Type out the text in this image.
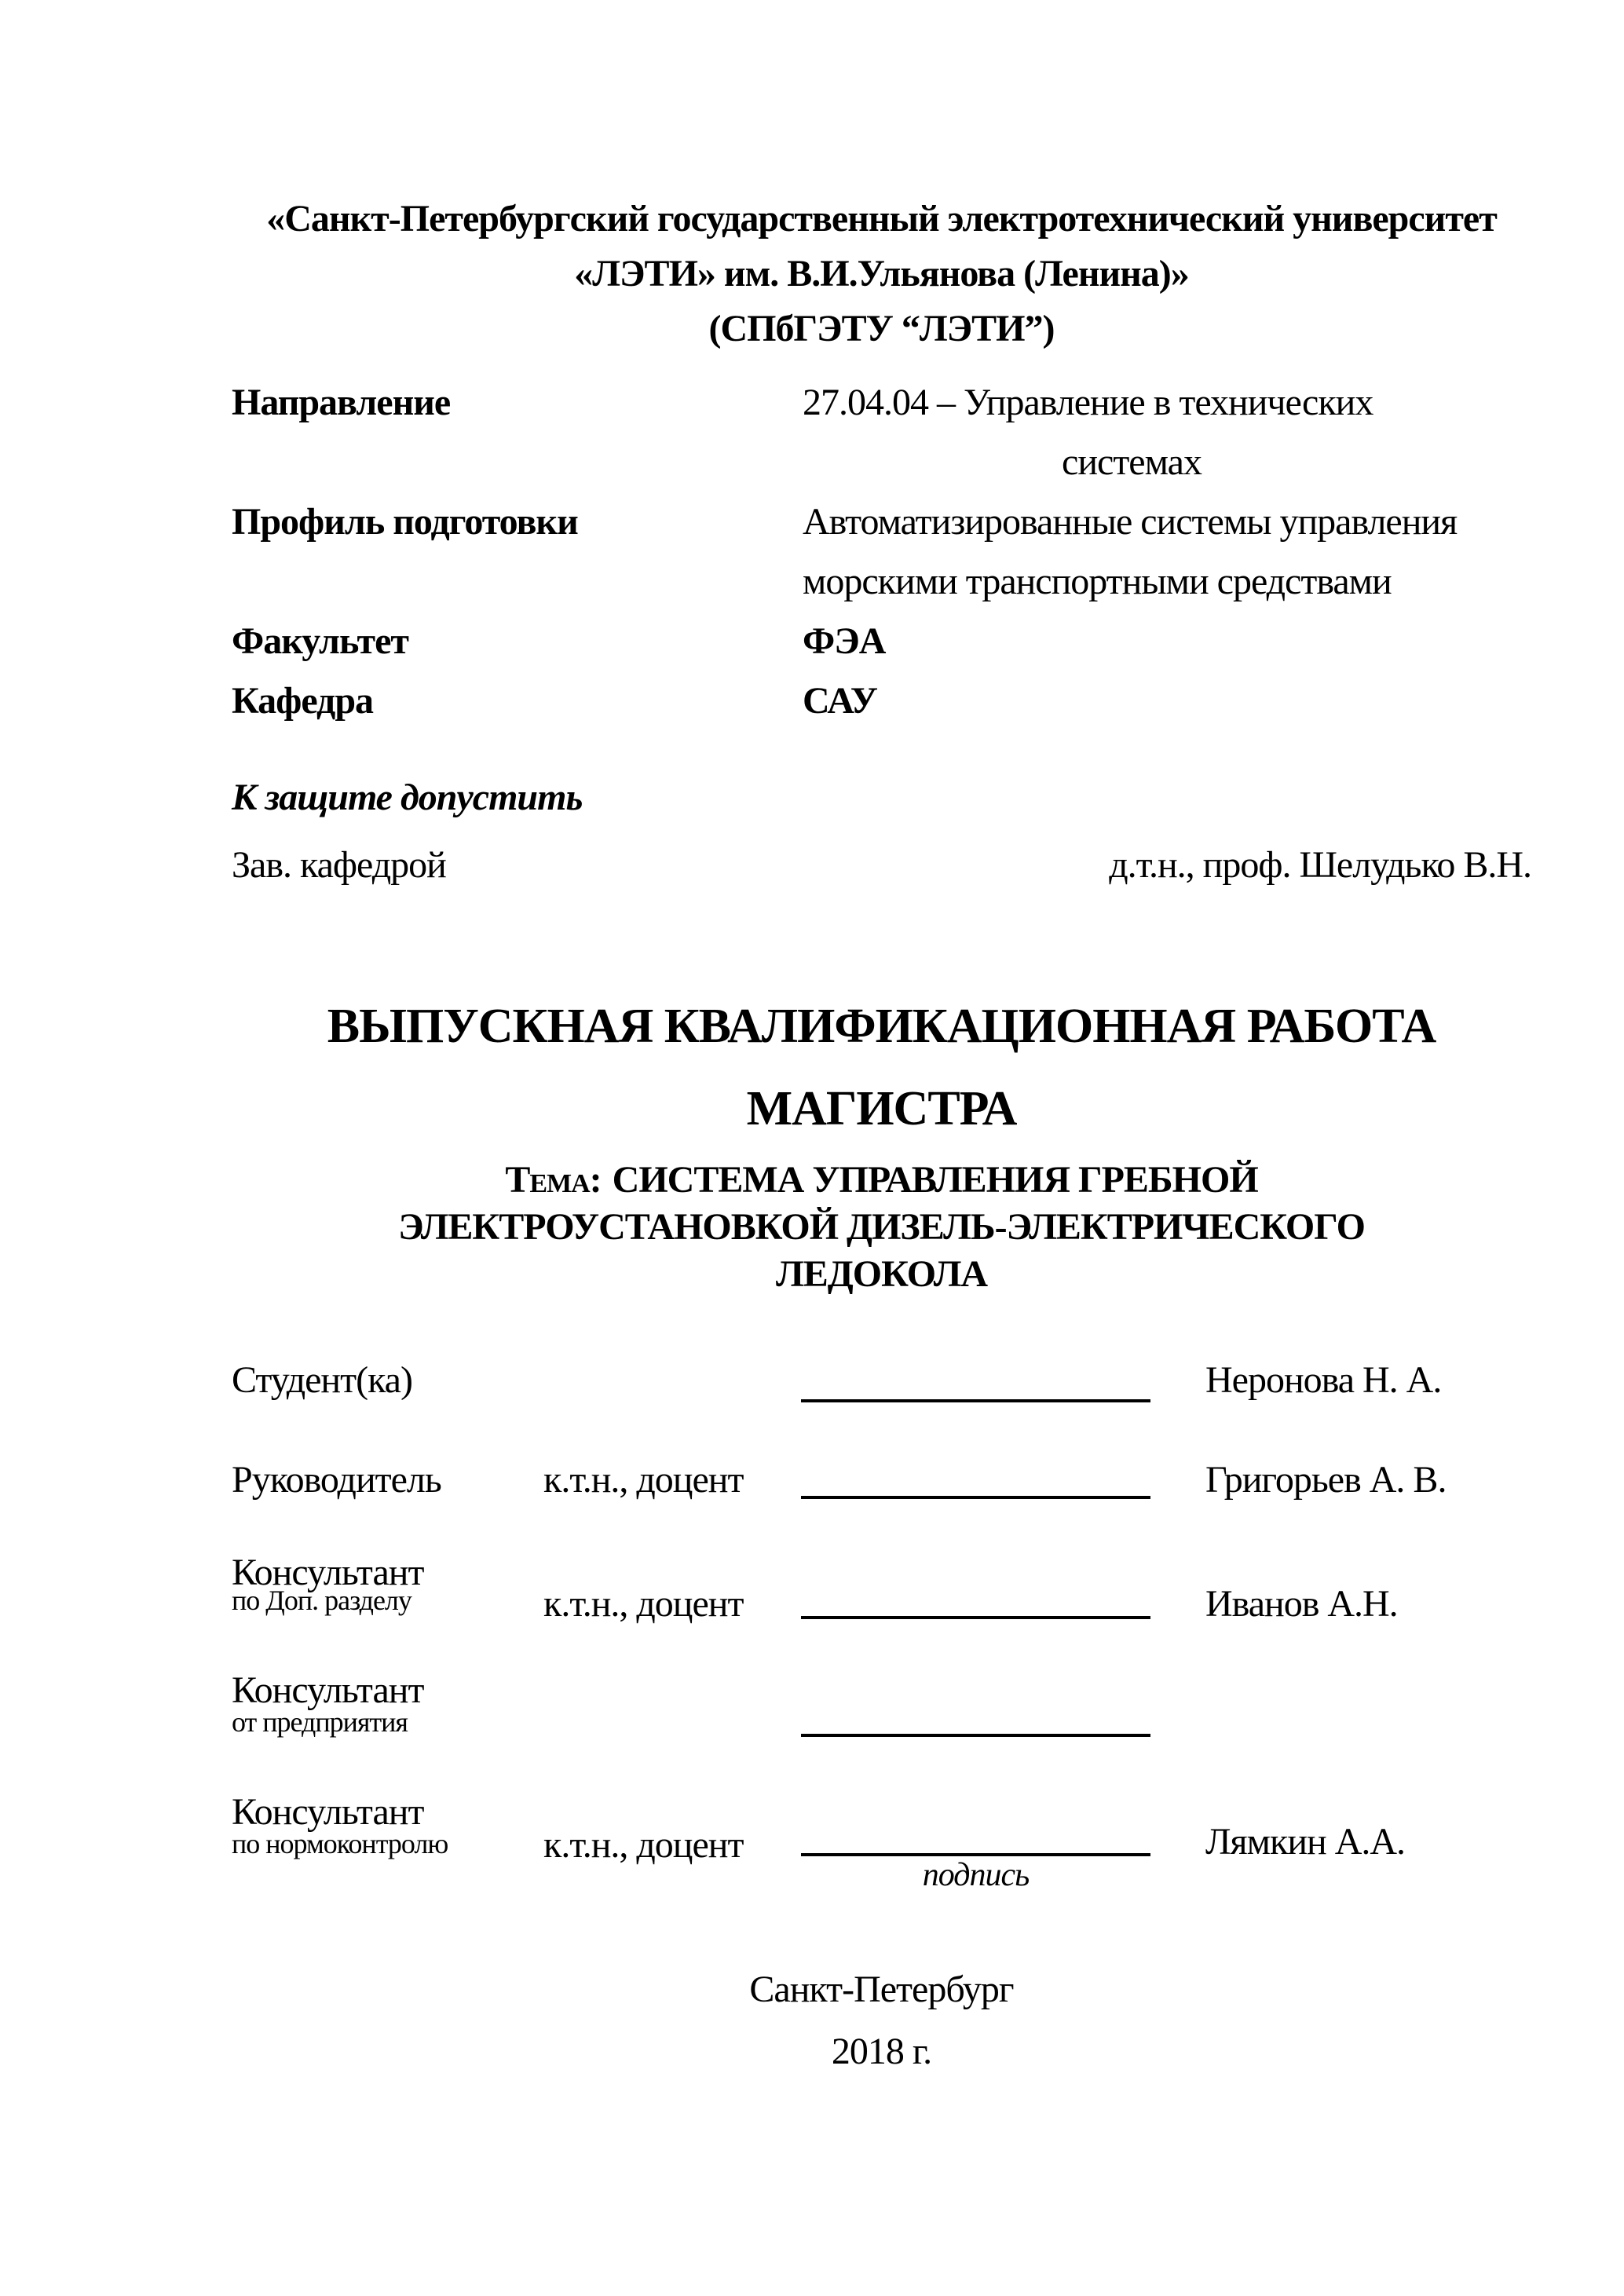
«Санкт-Петербургский государственный электротехнический университет
«ЛЭТИ» им. В.И.Ульянова (Ленина)»
(СПбГЭТУ “ЛЭТИ”)
Направление	27.04.04 – Управление в технических
системах
Профиль подготовки	Автоматизированные системы управления
морскими транспортными средствами
Факультет	ФЭА
Кафедра	САУ
К защите допустить
Зав. кафедрой	д.т.н., проф. Шелудько В.Н.
ВЫПУСКНАЯ КВАЛИФИКАЦИОННАЯ РАБОТА
МАГИСТРА
Тема: СИСТЕМА УПРАВЛЕНИЯ ГРЕБНОЙ
ЭЛЕКТРОУСТАНОВКОЙ ДИЗЕЛЬ-ЭЛЕКТРИЧЕСКОГО
ЛЕДОКОЛА
Студент(ка)	Неронова Н. А.
Руководитель	к.т.н., доцент	Григорьев А. В.
Консультант
по Доп. разделу	к.т.н., доцент	Иванов А.Н.
Консультант
от предприятия
Консультант
по нормоконтролю	к.т.н., доцент	Лямкин А.А.
подпись
Санкт-Петербург
2018 г.
